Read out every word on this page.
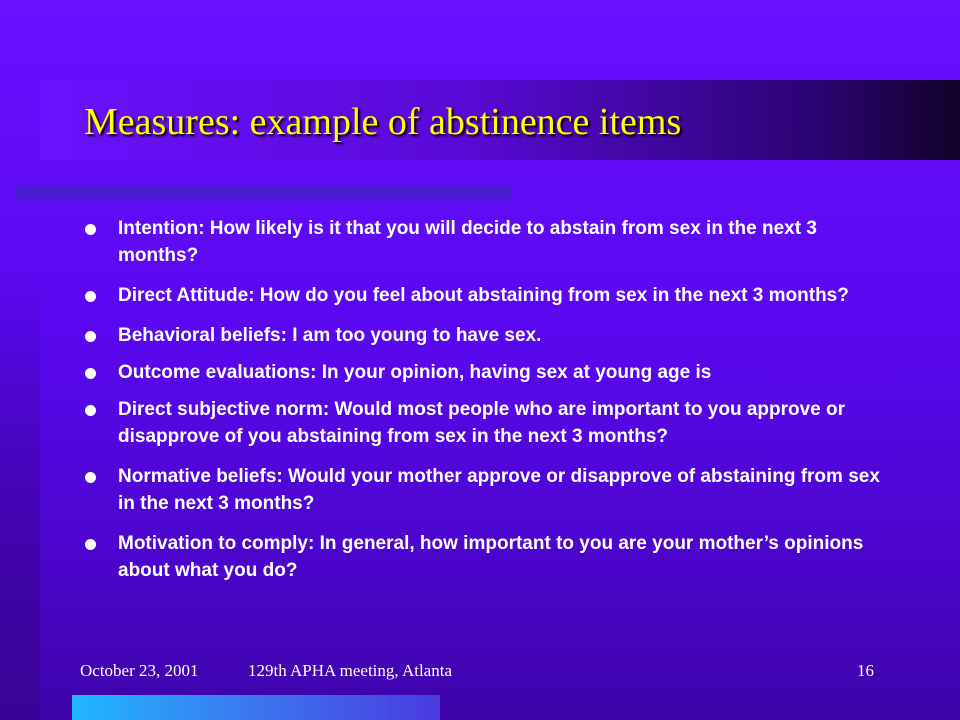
Measures: example of abstinence items
Intention: How likely is it that you will decide to abstain from sex in the next 3 months?
Direct Attitude: How do you feel about abstaining from sex in the next 3 months?
Behavioral beliefs: I am too young to have sex.
Outcome evaluations: In your opinion, having sex at young age is
Direct subjective norm: Would most people who are important to you approve or disapprove of you abstaining from sex in the next 3 months?
Normative beliefs: Would your mother approve or disapprove of abstaining from sex in the next 3 months?
Motivation to comply: In general, how important to you are your mother’s opinions about what you do?
October 23, 2001	129th APHA meeting, Atlanta	16
